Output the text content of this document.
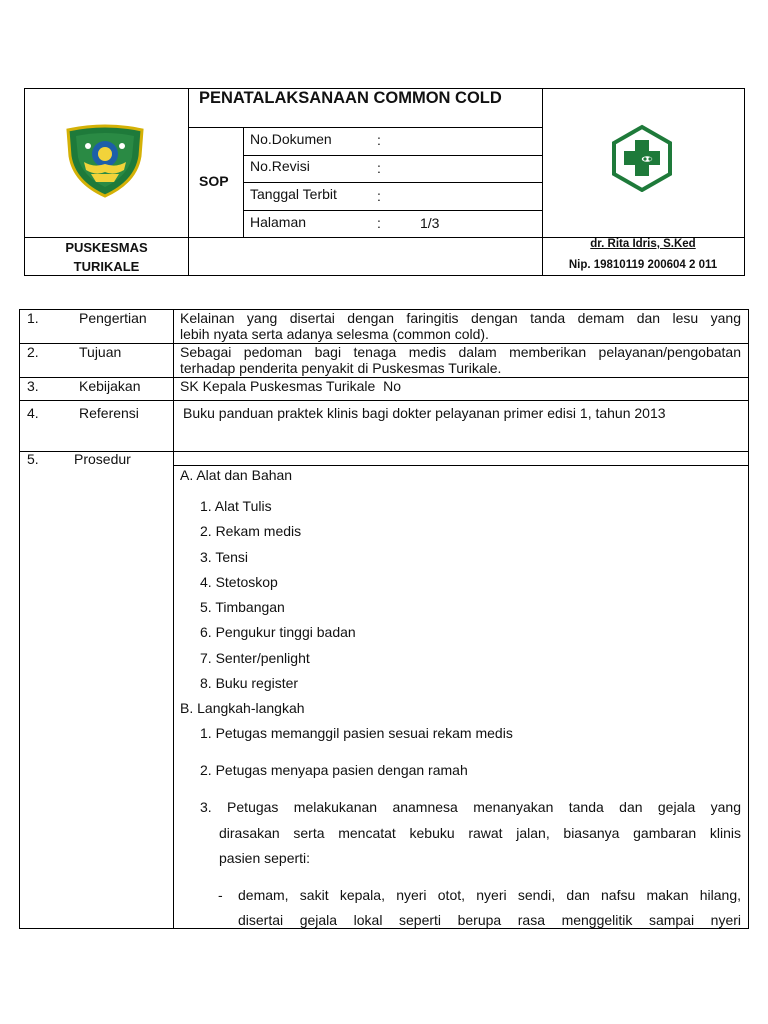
PENATALAKSANAAN COMMON COLD
SOP
No.Dokumen	:
No.Revisi	:
Tanggal Terbit	:
Halaman	:	1/3
PUSKESMAS
TURIKALE
dr. Rita Idris, S.Ked
Nip. 19810119 200604 2 011
1.	Pengertian Kelainan yang disertai dengan faringitis dengan tanda demam dan lesu yang
lebih nyata serta adanya selesma (common cold).
2.	Tujuan	Sebagai pedoman bagi tenaga medis dalam memberikan pelayanan/pengobatan
terhadap penderita penyakit di Puskesmas Turikale.
3.	Kebijakan	SK Kepala Puskesmas Turikale  No
4.	Referensi	Buku panduan praktek klinis bagi dokter pelayanan primer edisi 1, tahun 2013
5.	Prosedur
A. Alat dan Bahan
1. Alat Tulis
2. Rekam medis
3. Tensi
4. Stetoskop
5. Timbangan
6. Pengukur tinggi badan
7. Senter/penlight
8. Buku register
B. Langkah-langkah
1. Petugas memanggil pasien sesuai rekam medis
2. Petugas menyapa pasien dengan ramah
3. Petugas melakukanan anamnesa menanyakan tanda dan gejala yang
dirasakan serta mencatat kebuku rawat jalan, biasanya gambaran klinis
pasien seperti:
- demam, sakit kepala, nyeri otot, nyeri sendi, dan nafsu makan hilang,
disertai gejala lokal seperti berupa rasa menggelitik sampai nyeri
